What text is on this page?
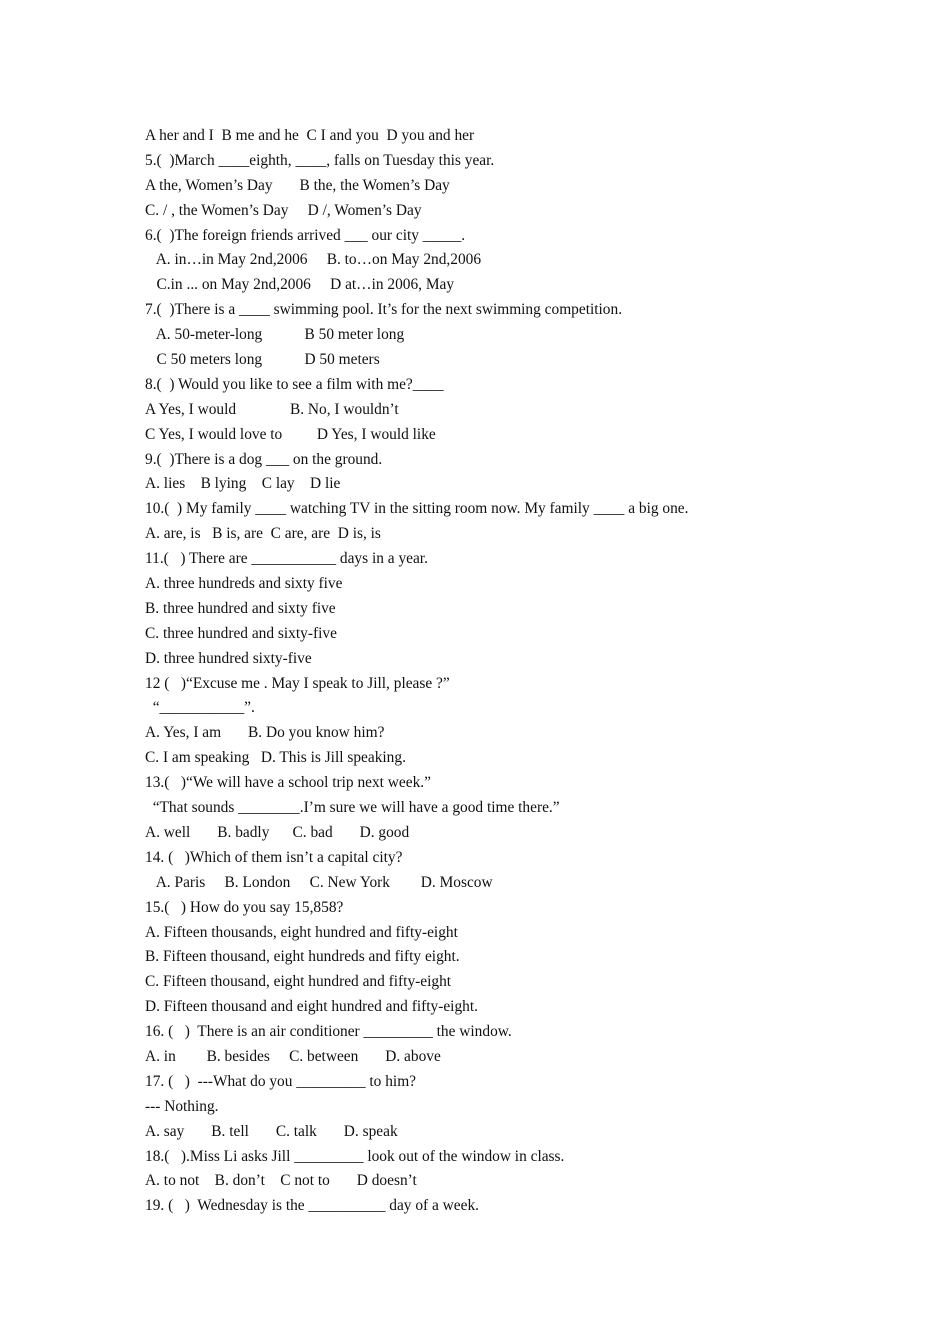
A her and I  B me and he  C I and you  D you and her
5.(  )March ____eighth, ____, falls on Tuesday this year.
A the, Women’s Day       B the, the Women’s Day
C. / , the Women’s Day     D /, Women’s Day
6.(  )The foreign friends arrived ___ our city _____.
A. in…in May 2nd,2006     B. to…on May 2nd,2006
C.in ... on May 2nd,2006     D at…in 2006, May
7.(  )There is a ____ swimming pool. It’s for the next swimming competition.
A. 50-meter-long           B 50 meter long
C 50 meters long           D 50 meters
8.(  ) Would you like to see a film with me?____
A Yes, I would              B. No, I wouldn’t
C Yes, I would love to         D Yes, I would like
9.(  )There is a dog ___ on the ground.
A. lies    B lying    C lay    D lie
10.(  ) My family ____ watching TV in the sitting room now. My family ____ a big one.
A. are, is   B is, are  C are, are  D is, is
11.(   ) There are ___________ days in a year.
A. three hundreds and sixty five
B. three hundred and sixty five
C. three hundred and sixty-five
D. three hundred sixty-five
12 (   )“Excuse me . May I speak to Jill, please ?”
“___________”.
A. Yes, I am       B. Do you know him?
C. I am speaking   D. This is Jill speaking.
13.(   )“We will have a school trip next week.”
“That sounds ________.I’m sure we will have a good time there.”
A. well       B. badly      C. bad       D. good
14. (   )Which of them isn’t a capital city?
A. Paris     B. London     C. New York        D. Moscow
15.(   ) How do you say 15,858?
A. Fifteen thousands, eight hundred and fifty-eight
B. Fifteen thousand, eight hundreds and fifty eight.
C. Fifteen thousand, eight hundred and fifty-eight
D. Fifteen thousand and eight hundred and fifty-eight.
16. (   )  There is an air conditioner _________ the window.
A. in        B. besides     C. between       D. above
17. (   )  ---What do you _________ to him?
--- Nothing.
A. say       B. tell       C. talk       D. speak
18.(   ).Miss Li asks Jill _________ look out of the window in class.
A. to not    B. don’t    C not to       D doesn’t
19. (   )  Wednesday is the __________ day of a week.
